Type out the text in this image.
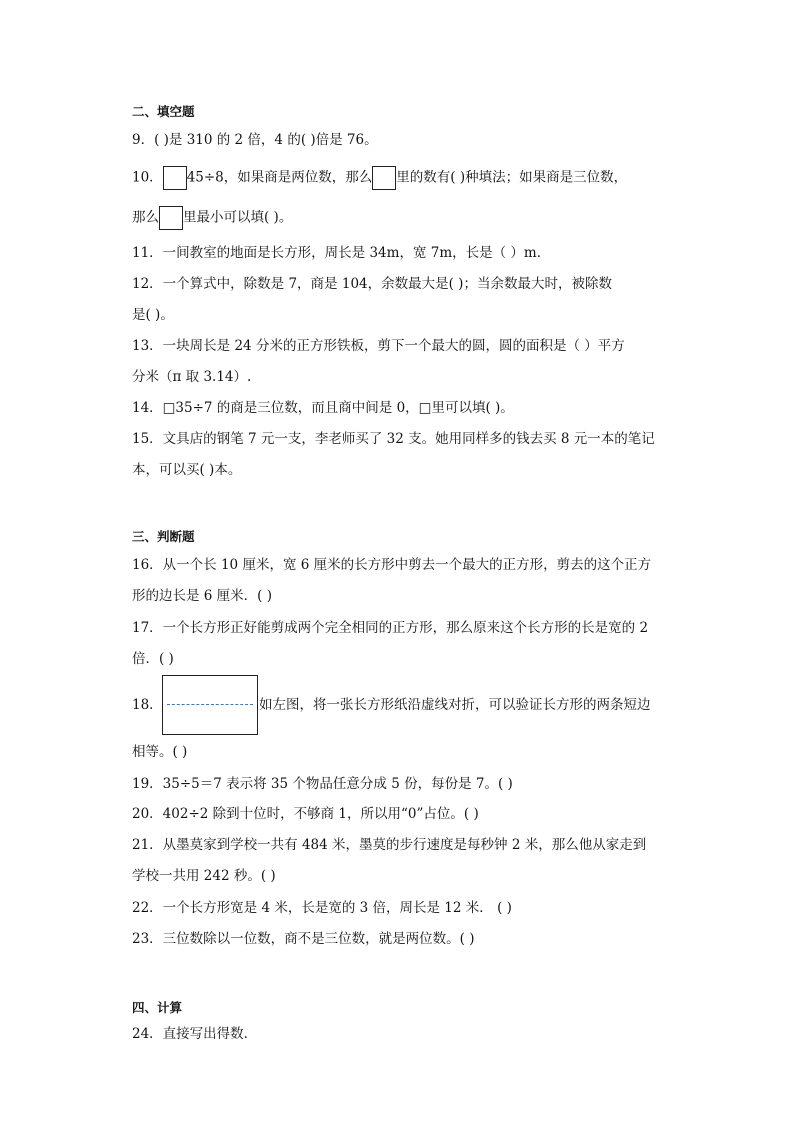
二、填空题
9．( )是 310 的 2 倍，4 的( )倍是 76。
10． 45÷8，如果商是两位数，那么 里的数有( )种填法；如果商是三位数，
那么 里最小可以填( )。
11．一间教室的地面是长方形，周长是 34m，宽 7m，长是（ ）m．
12．一个算式中，除数是 7，商是 104，余数最大是( )；当余数最大时，被除数
是( )。
13．一块周长是 24 分米的正方形铁板，剪下一个最大的圆，圆的面积是（ ）平方
分米（π 取 3.14）.
14．□35÷7 的商是三位数，而且商中间是 0，□里可以填( )。
15．文具店的钢笔 7 元一支，李老师买了 32 支。她用同样多的钱去买 8 元一本的笔记
本，可以买( )本。
三、判断题
16．从一个长 10 厘米，宽 6 厘米的长方形中剪去一个最大的正方形，剪去的这个正方
形的边长是 6 厘米．( )
17．一个长方形正好能剪成两个完全相同的正方形，那么原来这个长方形的长是宽的 2
倍．( )
18．	如左图，将一张长方形纸沿虚线对折，可以验证长方形的两条短边
相等。( )
19．35÷5＝7 表示将 35 个物品任意分成 5 份，每份是 7。( )
20．402÷2 除到十位时，不够商 1，所以用“0”占位。( )
21．从墨莫家到学校一共有 484 米，墨莫的步行速度是每秒钟 2 米，那么他从家走到
学校一共用 242 秒。( )
22．一个长方形宽是 4 米，长是宽的 3 倍，周长是 12 米． ( )
23．三位数除以一位数，商不是三位数，就是两位数。( )
四、计算
24．直接写出得数．
